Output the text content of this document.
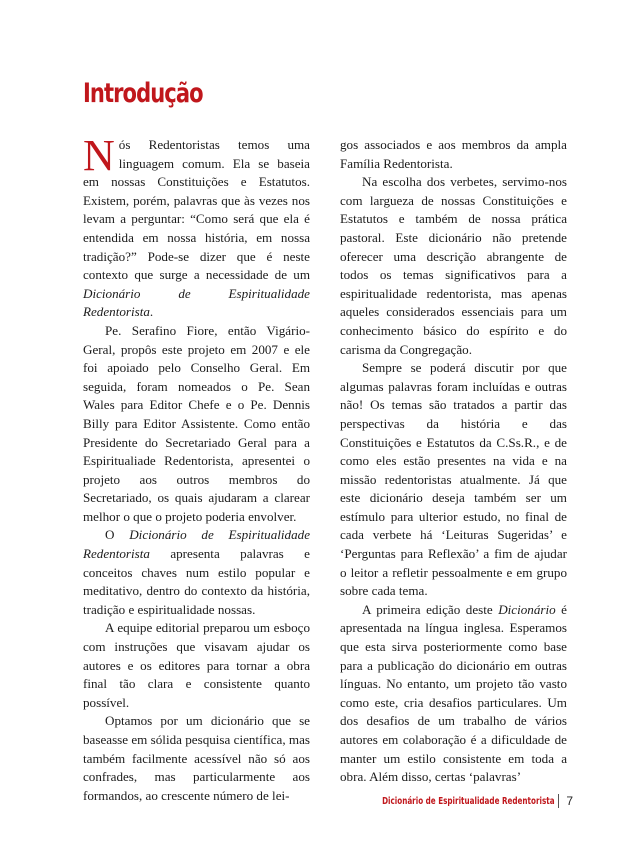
Introdução

Nós Redentoristas temos uma linguagem comum. Ela se baseia em nossas Constituições e Estatutos. Existem, porém, palavras que às vezes nos levam a perguntar: “Como será que ela é entendida em nossa história, em nossa tradição?” Pode-se dizer que é neste contexto que surge a necessidade de um Dicionário de Espiritualidade Redentorista.

Pe. Serafino Fiore, então Vigário-Geral, propôs este projeto em 2007 e ele foi apoiado pelo Conselho Geral. Em seguida, foram nomeados o Pe. Sean Wales para Editor Chefe e o Pe. Dennis Billy para Editor Assistente. Como então Presidente do Secretariado Geral para a Espiritualiade Redentorista, apresentei o projeto aos outros membros do Secretariado, os quais ajudaram a clarear melhor o que o projeto poderia envolver.

O Dicionário de Espiritualidade Redentorista apresenta palavras e conceitos chaves num estilo popular e meditativo, dentro do contexto da história, tradição e espiritualidade nossas.

A equipe editorial preparou um esboço com instruções que visavam ajudar os autores e os editores para tornar a obra final tão clara e consistente quanto possível.

Optamos por um dicionário que se baseasse em sólida pesquisa científica, mas também facilmente acessível não só aos confrades, mas particularmente aos formandos, ao crescente número de lei-

gos associados e aos membros da ampla Família Redentorista.

Na escolha dos verbetes, servimo-nos com largueza de nossas Constituições e Estatutos e também de nossa prática pastoral. Este dicionário não pretende oferecer uma descrição abrangente de todos os temas significativos para a espiritualidade redentorista, mas apenas aqueles considerados essenciais para um conhecimento básico do espírito e do carisma da Congregação.

Sempre se poderá discutir por que algumas palavras foram incluídas e outras não! Os temas são tratados a partir das perspectivas da história e das Constituições e Estatutos da C.Ss.R., e de como eles estão presentes na vida e na missão redentoristas atualmente. Já que este dicionário deseja também ser um estímulo para ulterior estudo, no final de cada verbete há ‘Leituras Sugeridas’ e ‘Perguntas para Reflexão’ a fim de ajudar o leitor a refletir pessoalmente e em grupo sobre cada tema.

A primeira edição deste Dicionário é apresentada na língua inglesa. Esperamos que esta sirva posteriormente como base para a publicação do dicionário em outras línguas. No entanto, um projeto tão vasto como este, cria desafios particulares. Um dos desafios de um trabalho de vários autores em colaboração é a dificuldade de manter um estilo consistente em toda a obra. Além disso, certas ‘palavras’

Dicionário de Espiritualidade Redentorista 7
